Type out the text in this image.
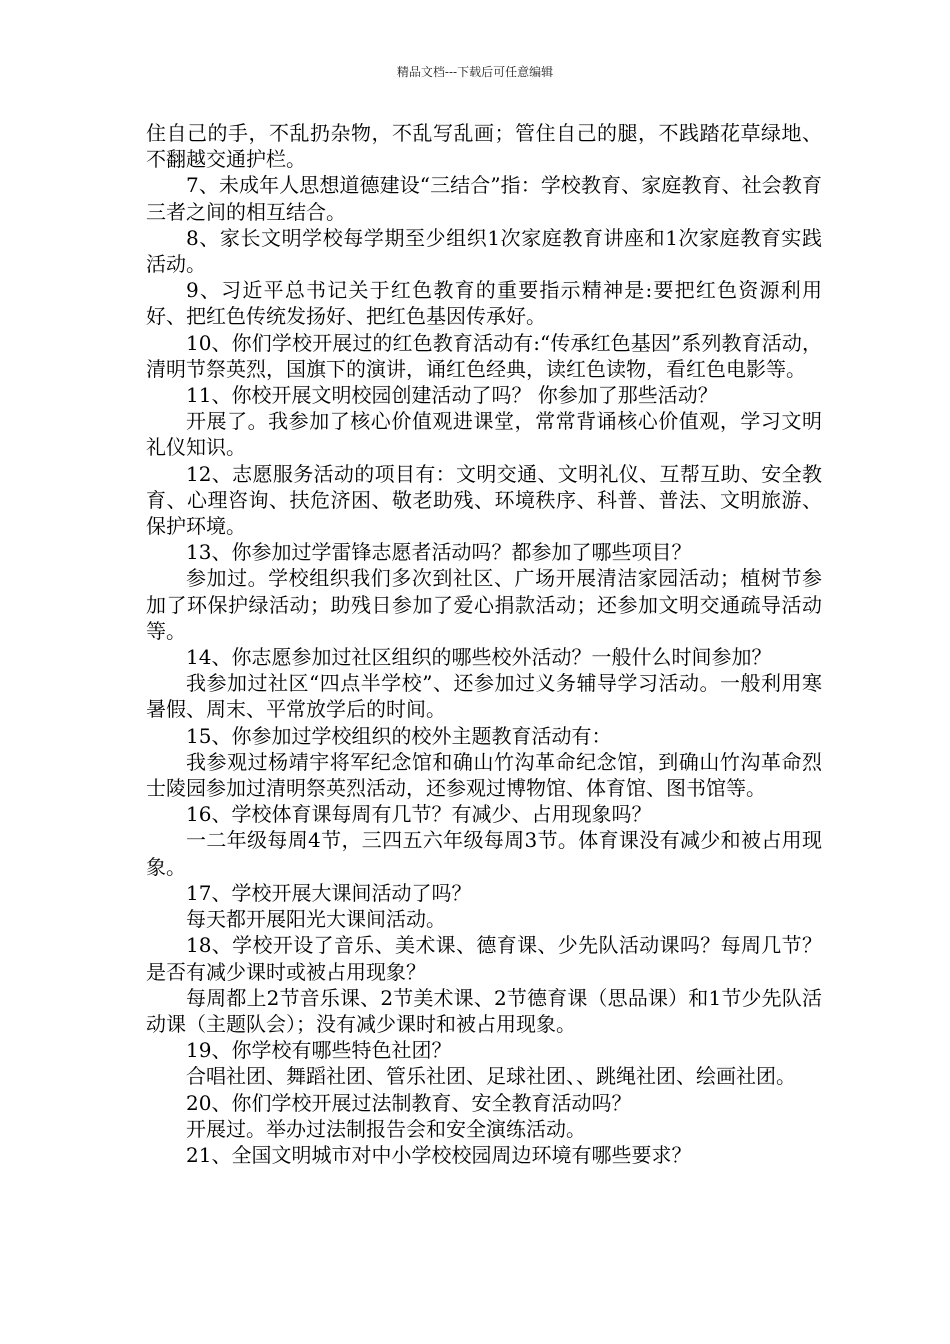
精品文档---下载后可任意编辑

住自己的手，不乱扔杂物，不乱写乱画；管住自己的腿，不践踏花草绿地、不翻越交通护栏。

7、未成年人思想道德建设“三结合”指：学校教育、家庭教育、社会教育三者之间的相互结合。

8、家长文明学校每学期至少组织1次家庭教育讲座和1次家庭教育实践活动。

9、习近平总书记关于红色教育的重要指示精神是:要把红色资源利用好、把红色传统发扬好、把红色基因传承好。

10、你们学校开展过的红色教育活动有:“传承红色基因”系列教育活动，清明节祭英烈，国旗下的演讲，诵红色经典，读红色读物，看红色电影等。

11、你校开展文明校园创建活动了吗？ 你参加了那些活动？

开展了。我参加了核心价值观进课堂，常常背诵核心价值观，学习文明礼仪知识。

12、志愿服务活动的项目有：文明交通、文明礼仪、互帮互助、安全教育、心理咨询、扶危济困、敬老助残、环境秩序、科普、普法、文明旅游、保护环境。

13、你参加过学雷锋志愿者活动吗？都参加了哪些项目？

参加过。学校组织我们多次到社区、广场开展清洁家园活动；植树节参加了环保护绿活动；助残日参加了爱心捐款活动；还参加文明交通疏导活动等。

14、你志愿参加过社区组织的哪些校外活动？一般什么时间参加？

我参加过社区“四点半学校”、还参加过义务辅导学习活动。一般利用寒暑假、周末、平常放学后的时间。

15、你参加过学校组织的校外主题教育活动有：

我参观过杨靖宇将军纪念馆和确山竹沟革命纪念馆，到确山竹沟革命烈士陵园参加过清明祭英烈活动，还参观过博物馆、体育馆、图书馆等。

16、学校体育课每周有几节？有减少、占用现象吗？

一二年级每周4节，三四五六年级每周3节。体育课没有减少和被占用现象。

17、学校开展大课间活动了吗？

每天都开展阳光大课间活动。

18、学校开设了音乐、美术课、德育课、少先队活动课吗？每周几节？是否有减少课时或被占用现象？

每周都上2节音乐课、2节美术课、2节德育课（思品课）和1节少先队活动课（主题队会）；没有减少课时和被占用现象。

19、你学校有哪些特色社团？

合唱社团、舞蹈社团、管乐社团、足球社团、、跳绳社团、绘画社团。

20、你们学校开展过法制教育、安全教育活动吗？

开展过。举办过法制报告会和安全演练活动。

21、全国文明城市对中小学校校园周边环境有哪些要求？
